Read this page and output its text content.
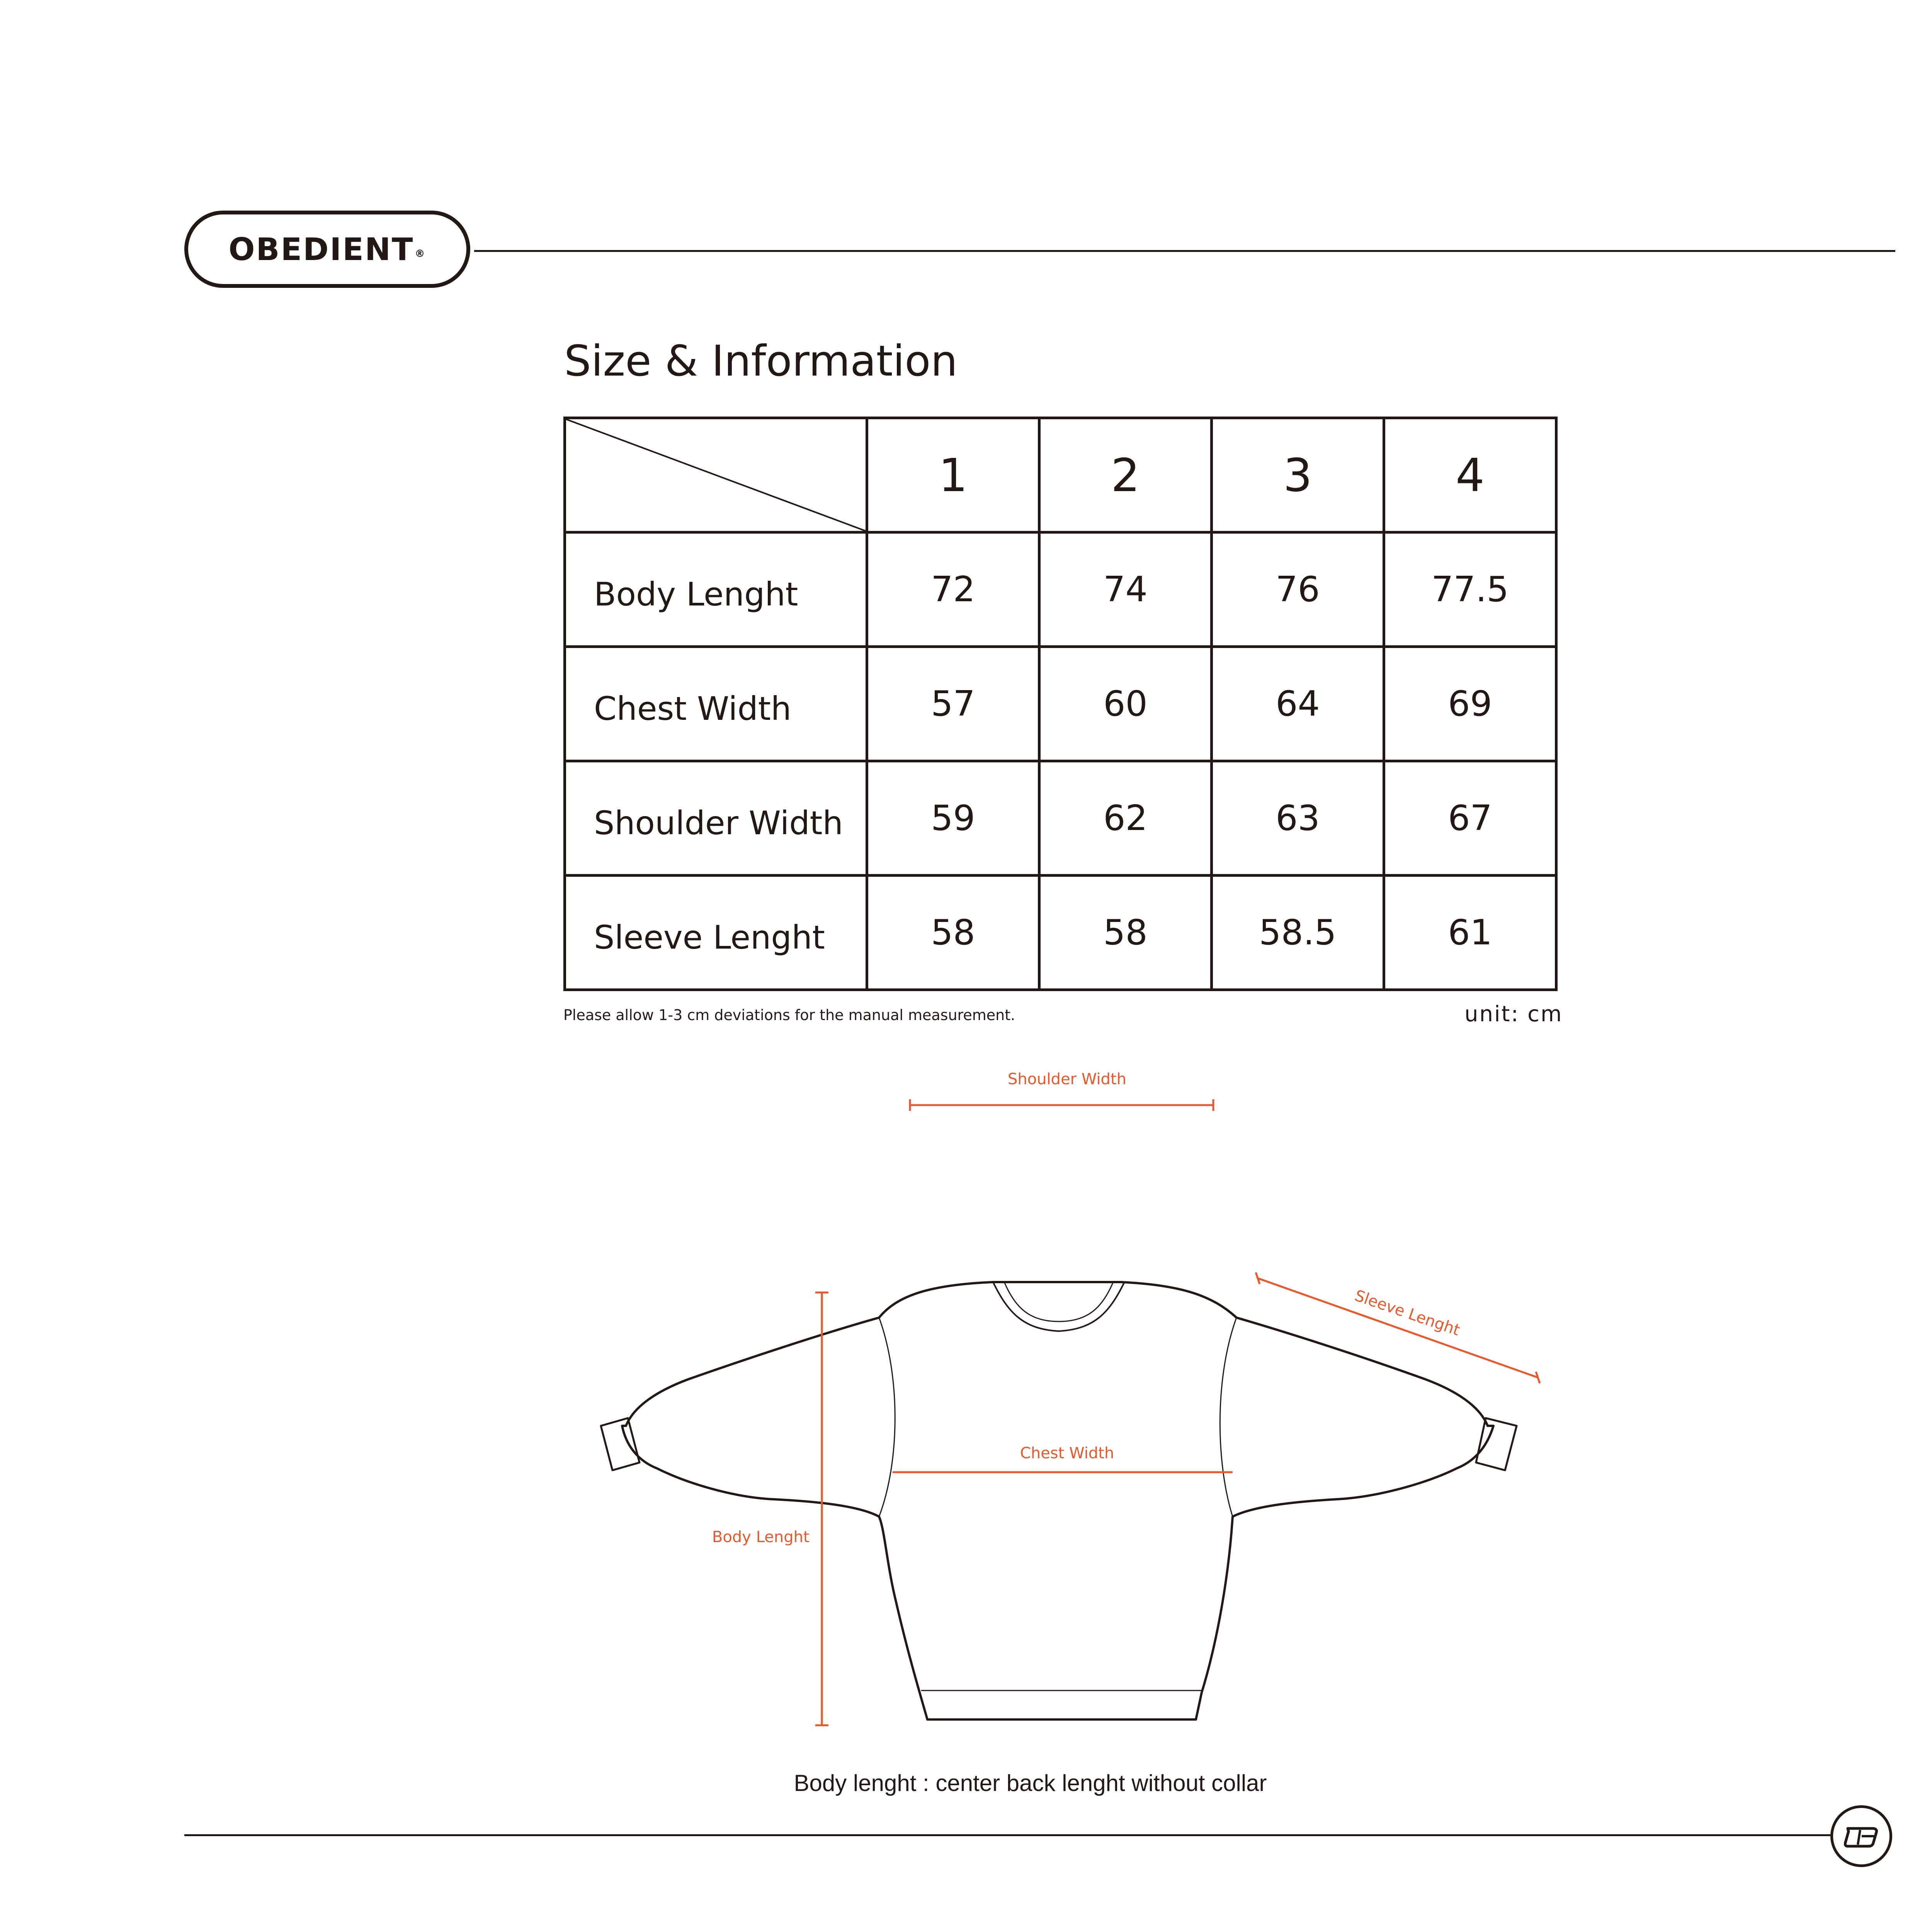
OBEDIENT®
Size & Information
	1	2	3	4
Body Lenght	72	74	76	77.5
Chest Width	57	60	64	69
Shoulder Width	59	62	63	67
Sleeve Lenght	58	58	58.5	61
Please allow 1-3 cm deviations for the manual measurement.	unit: cm
Shoulder Width
Sleeve Lenght
Chest Width
Body Lenght
Body lenght : center back lenght without collar
